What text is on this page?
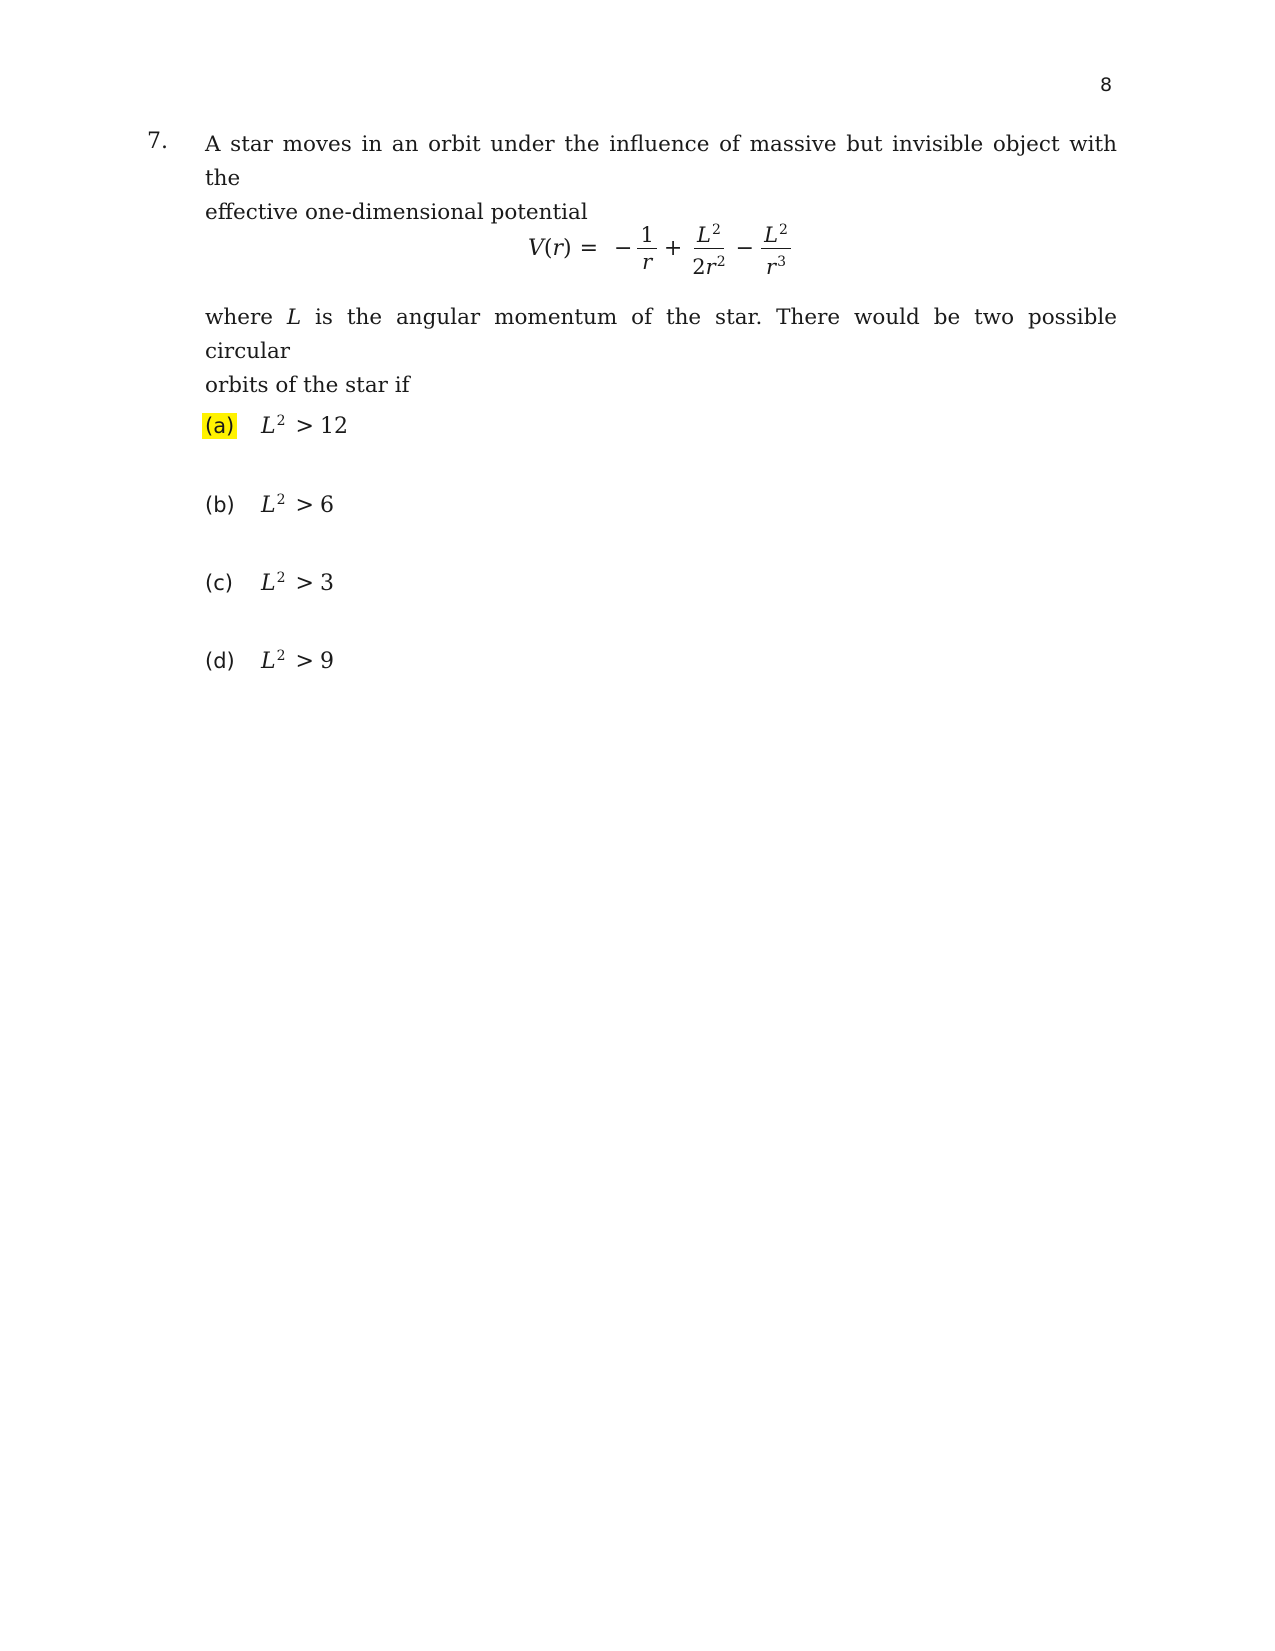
8
7. A star moves in an orbit under the influence of massive but invisible object with the
effective one-dimensional potential

V(r) = − $\frac{1}{r} + \frac{L^2}{2r^2} - \frac{L^2}{r^3}$

where L is the angular momentum of the star. There would be two possible circular
orbits of the star if

(a)	$L^2 > 12$
(b)	$L^2 > 6$
(c)	$L^2 > 3$
(d)	$L^2 > 9$
